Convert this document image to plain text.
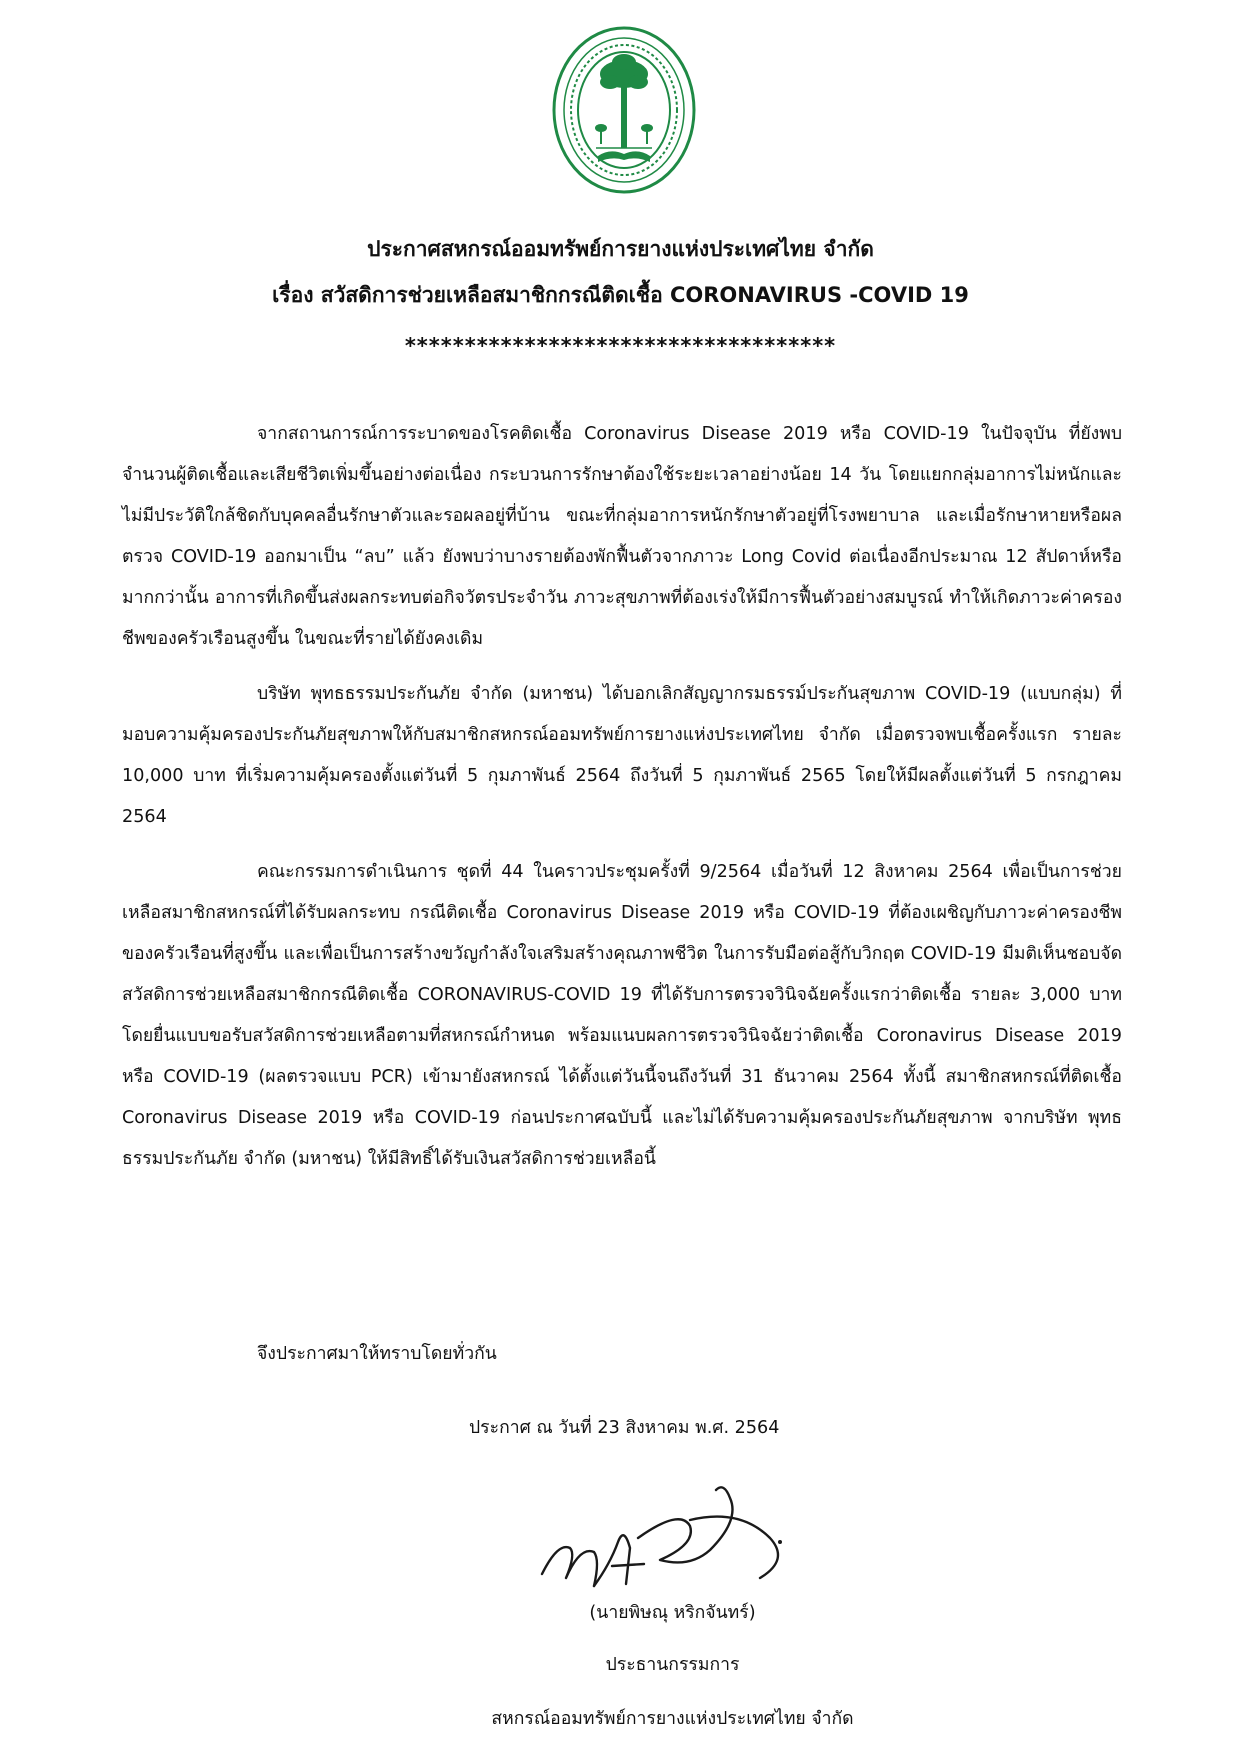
ประกาศสหกรณ์ออมทรัพย์การยางแห่งประเทศไทย จำกัด
เรื่อง สวัสดิการช่วยเหลือสมาชิกกรณีติดเชื้อ CORONAVIRUS -COVID 19
************************************

จากสถานการณ์การระบาดของโรคติดเชื้อ Coronavirus Disease 2019 หรือ COVID-19 ในปัจจุบัน ที่ยังพบจำนวนผู้ติดเชื้อและเสียชีวิตเพิ่มขึ้นอย่างต่อเนื่อง กระบวนการรักษาต้องใช้ระยะเวลาอย่างน้อย 14 วัน โดยแยกกลุ่มอาการไม่หนักและไม่มีประวัติใกล้ชิดกับบุคคลอื่นรักษาตัวและรอผลอยู่ที่บ้าน ขณะที่กลุ่มอาการหนักรักษาตัวอยู่ที่โรงพยาบาล และเมื่อรักษาหายหรือผลตรวจ COVID-19 ออกมาเป็น “ลบ” แล้ว ยังพบว่าบางรายต้องพักฟื้นตัวจากภาวะ Long Covid ต่อเนื่องอีกประมาณ 12 สัปดาห์หรือมากกว่านั้น อาการที่เกิดขึ้นส่งผลกระทบต่อกิจวัตรประจำวัน ภาวะสุขภาพที่ต้องเร่งให้มีการฟื้นตัวอย่างสมบูรณ์ ทำให้เกิดภาวะค่าครองชีพของครัวเรือนสูงขึ้น ในขณะที่รายได้ยังคงเดิม

บริษัท พุทธธรรมประกันภัย จำกัด (มหาชน) ได้บอกเลิกสัญญากรมธรรม์ประกันสุขภาพ COVID-19 (แบบกลุ่ม) ที่มอบความคุ้มครองประกันภัยสุขภาพให้กับสมาชิกสหกรณ์ออมทรัพย์การยางแห่งประเทศไทย จำกัด เมื่อตรวจพบเชื้อครั้งแรก รายละ 10,000 บาท ที่เริ่มความคุ้มครองตั้งแต่วันที่ 5 กุมภาพันธ์ 2564 ถึงวันที่ 5 กุมภาพันธ์ 2565 โดยให้มีผลตั้งแต่วันที่ 5 กรกฎาคม 2564

คณะกรรมการดำเนินการ ชุดที่ 44 ในคราวประชุมครั้งที่ 9/2564 เมื่อวันที่ 12 สิงหาคม 2564 เพื่อเป็นการช่วยเหลือสมาชิกสหกรณ์ที่ได้รับผลกระทบ กรณีติดเชื้อ Coronavirus Disease 2019 หรือ COVID-19 ที่ต้องเผชิญกับภาวะค่าครองชีพของครัวเรือนที่สูงขึ้น และเพื่อเป็นการสร้างขวัญกำลังใจเสริมสร้างคุณภาพชีวิต ในการรับมือต่อสู้กับวิกฤต COVID-19 มีมติเห็นชอบจัดสวัสดิการช่วยเหลือสมาชิกกรณีติดเชื้อ CORONAVIRUS-COVID 19 ที่ได้รับการตรวจวินิจฉัยครั้งแรกว่าติดเชื้อ รายละ 3,000 บาท โดยยื่นแบบขอรับสวัสดิการช่วยเหลือตามที่สหกรณ์กำหนด พร้อมแนบผลการตรวจวินิจฉัยว่าติดเชื้อ Coronavirus Disease 2019 หรือ COVID-19 (ผลตรวจแบบ PCR) เข้ามายังสหกรณ์ ได้ตั้งแต่วันนี้จนถึงวันที่ 31 ธันวาคม 2564 ทั้งนี้ สมาชิกสหกรณ์ที่ติดเชื้อ Coronavirus Disease 2019 หรือ COVID-19 ก่อนประกาศฉบับนี้ และไม่ได้รับความคุ้มครองประกันภัยสุขภาพ จากบริษัท พุทธธรรมประกันภัย จำกัด (มหาชน) ให้มีสิทธิ์ได้รับเงินสวัสดิการช่วยเหลือนี้

จึงประกาศมาให้ทราบโดยทั่วกัน
ประกาศ ณ วันที่ 23 สิงหาคม พ.ศ. 2564
(นายพิษณุ หริกจันทร์)
ประธานกรรมการ
สหกรณ์ออมทรัพย์การยางแห่งประเทศไทย จำกัด
